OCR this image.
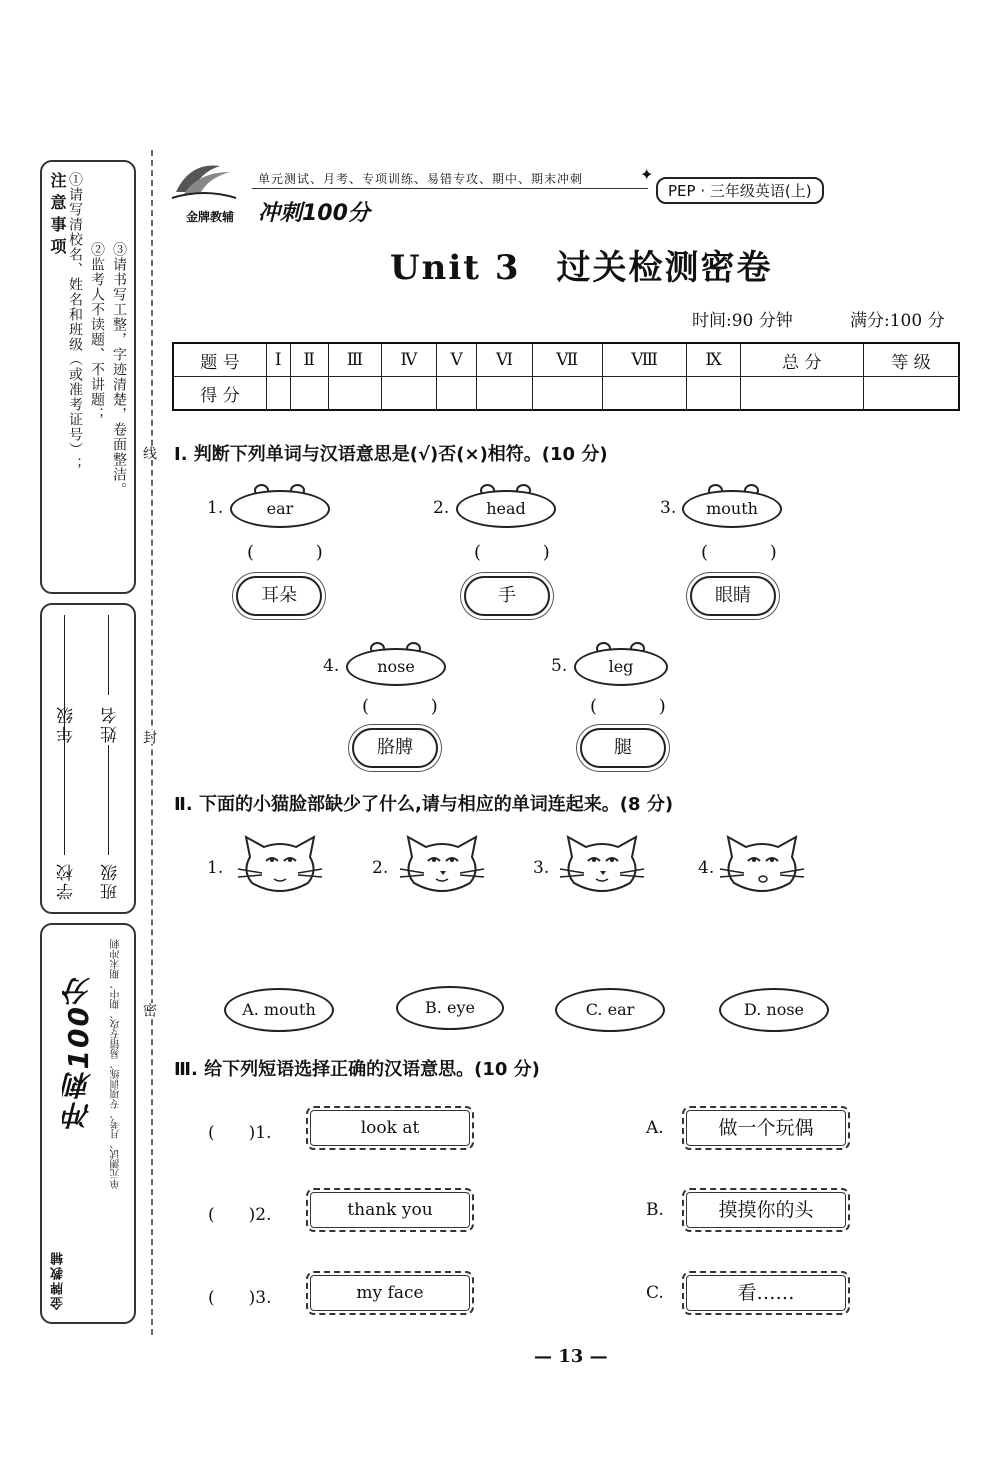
注意事项 ①请写清校名、姓名和班级（或准考证号）； ②监考人不读题、不讲题； ③请书写工整，字迹清楚，卷面整洁。
学校
年级
班级
姓名
单元测试、月考、专项训练、易错专攻、期中、期末冲刺
冲刺100分
金牌教辅
线
封
密
金牌教辅 冲刺100分
单元测试、月考、专项训练、易错专攻、期中、期末冲刺	✦
PEP · 三年级英语(上)
Unit 3　过关检测密卷
时间:90 分钟	满分:100 分
题 号	Ⅰ	Ⅱ	Ⅲ	Ⅳ	Ⅴ	Ⅵ	Ⅶ	Ⅷ	Ⅸ	总 分	等 级
得 分											
Ⅰ. 判断下列单词与汉语意思是(√)否(×)相符。(10 分)
1.	ear
( )
耳朵
2.	head
( )
手
3.	mouth
( )
眼睛
4.	nose
( )
胳膊
5.	leg
( )
腿
Ⅱ. 下面的小猫脸部缺少了什么,请与相应的单词连起来。(8 分)
1.	2.	3.	4.
A. mouth	B. eye	C. ear	D. nose
Ⅲ. 给下列短语选择正确的汉语意思。(10 分)
(　　)1.	look at	A.	做一个玩偶
(　　)2.	thank you	B.	摸摸你的头
(　　)3.	my face	C.	看……
— 13 —
